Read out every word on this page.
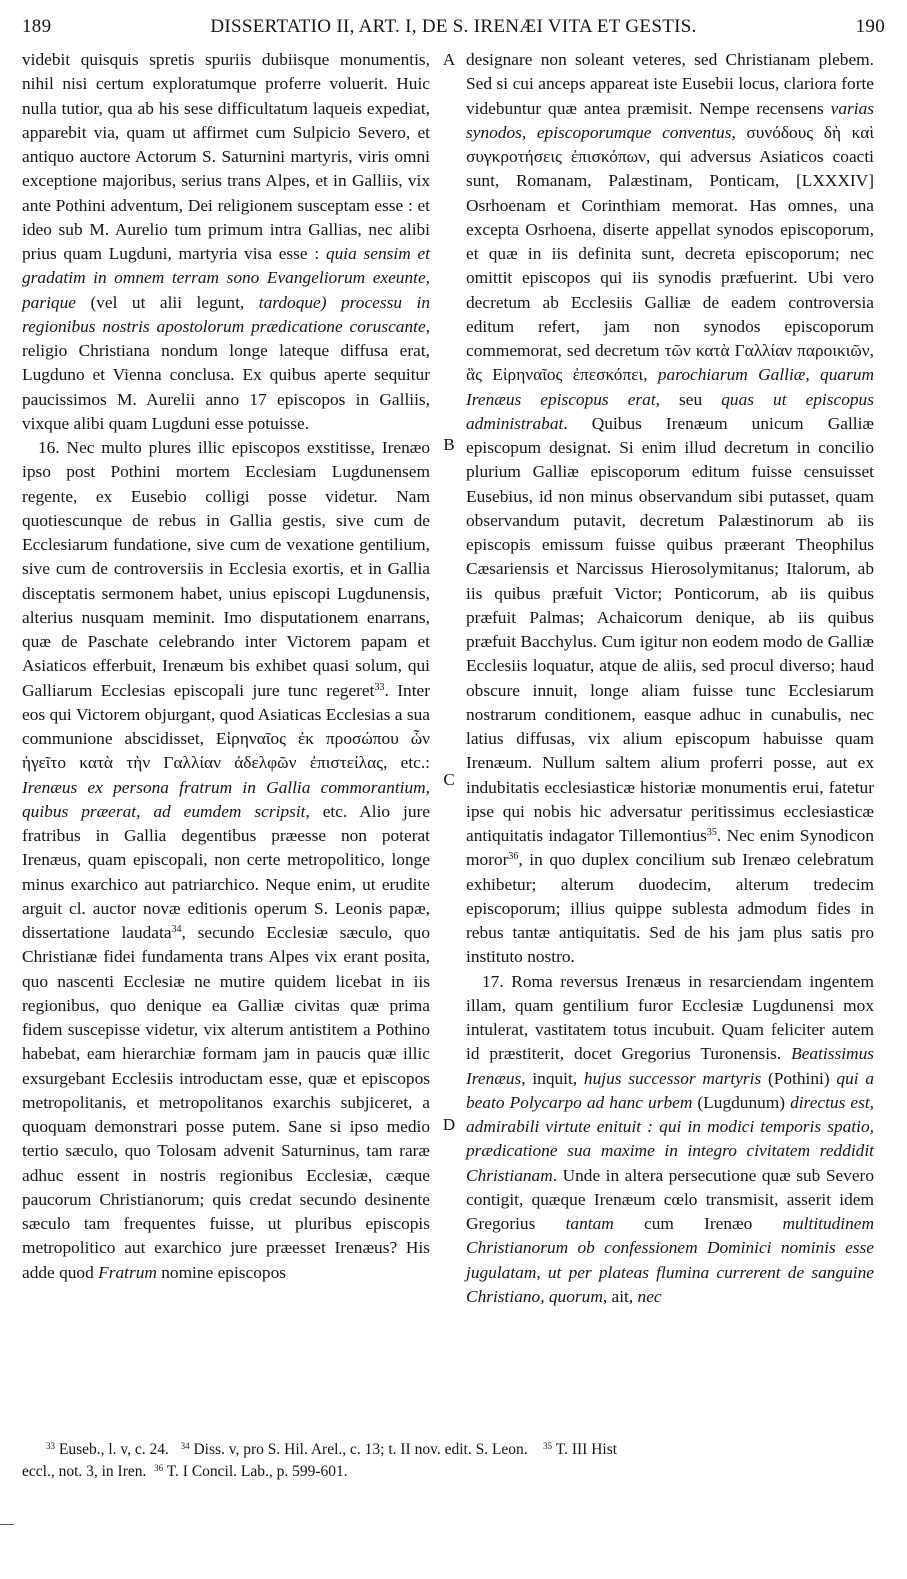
189	DISSERTATIO II, ART. I, DE S. IRENÆI VITA ET GESTIS.	190

videbit quisquis spretis spuriis dubiisque monumentis, nihil nisi certum exploratumque proferre voluerit. Huic nulla tutior, qua ab his sese difficultatum laqueis expediat, apparebit via, quam ut affirmet cum Sulpicio Severo, et antiquo auctore Actorum S. Saturnini martyris, viris omni exceptione majoribus, serius trans Alpes, et in Galliis, vix ante Pothini adventum, Dei religionem susceptam esse : et ideo sub M. Aurelio tum primum intra Gallias, nec alibi prius quam Lugduni, martyria visa esse : quia sensim et gradatim in omnem terram sono Evangeliorum exeunte, parique (vel ut alii legunt, tardoque) processu in regionibus nostris apostolorum prædicatione coruscante, religio Christiana nondum longe lateque diffusa erat, Lugduno et Vienna conclusa. Ex quibus aperte sequitur paucissimos M. Aurelii anno 17 episcopos in Galliis, vixque alibi quam Lugduni esse potuisse.

16. Nec multo plures illic episcopos exstitisse, Irenæo ipso post Pothini mortem Ecclesiam Lugdunensem regente, ex Eusebio colligi posse videtur. Nam quotiescunque de rebus in Gallia gestis, sive cum de Ecclesiarum fundatione, sive cum de vexatione gentilium, sive cum de controversiis in Ecclesia exortis, et in Gallia disceptatis sermonem habet, unius episcopi Lugdunensis, alterius nusquam meminit. Imo disputationem enarrans, quæ de Paschate celebrando inter Victorem papam et Asiaticos efferbuit, Irenæum bis exhibet quasi solum, qui Galliarum Ecclesias episcopali jure tunc regeret$^{33}$. Inter eos qui Victorem objurgant, quod Asiaticas Ecclesias a sua communione abscidisset, Εἰρηναῖος ἐκ προσώπου ὧν ἡγεῖτο κατὰ τὴν Γαλλίαν ἀδελφῶν ἐπιστείλας, etc.: Irenæus ex persona fratrum in Gallia commorantium, quibus præerat, ad eumdem scripsit, etc. Alio jure fratribus in Gallia degentibus præesse non poterat Irenæus, quam episcopali, non certe metropolitico, longe minus exarchico aut patriarchico. Neque enim, ut erudite arguit cl. auctor novæ editionis operum S. Leonis papæ, dissertatione laudata$^{34}$, secundo Ecclesiæ sæculo, quo Christianæ fidei fundamenta trans Alpes vix erant posita, quo nascenti Ecclesiæ ne mutire quidem licebat in iis regionibus, quo denique ea Galliæ civitas quæ prima fidem suscepisse videtur, vix alterum antistitem a Pothino habebat, eam hierarchiæ formam jam in paucis quæ illic exsurgebant Ecclesiis introductam esse, quæ et episcopos metropolitanis, et metropolitanos exarchis subjiceret, a quoquam demonstrari posse putem. Sane si ipso medio tertio sæculo, quo Tolosam advenit Saturninus, tam raræ adhuc essent in nostris regionibus Ecclesiæ, cæque paucorum Christianorum; quis credat secundo desinente sæculo tam frequentes fuisse, ut pluribus episcopis metropolitico aut exarchico jure præesset Irenæus? His adde quod Fratrum nomine episcopos

A
B
C
D

designare non soleant veteres, sed Christianam plebem. Sed si cui anceps appareat iste Eusebii locus, clariora forte videbuntur quæ antea præmisit. Nempe recensens varias synodos, episcoporumque conventus, συνόδους δὴ καὶ συγκροτήσεις ἐπισκόπων, qui adversus Asiaticos coacti sunt, Romanam, Palæstinam, Ponticam, [LXXXIV] Osrhoenam et Corinthiam memorat. Has omnes, una excepta Osrhoena, diserte appellat synodos episcoporum, et quæ in iis definita sunt, decreta episcoporum; nec omittit episcopos qui iis synodis præfuerint. Ubi vero decretum ab Ecclesiis Galliæ de eadem controversia editum refert, jam non synodos episcoporum commemorat, sed decretum τῶν κατὰ Γαλλίαν παροικιῶν, ἃς Εἰρηναῖος ἐπεσκόπει, parochiarum Galliæ, quarum Irenæus episcopus erat, seu quas ut episcopus administrabat. Quibus Irenæum unicum Galliæ episcopum designat. Si enim illud decretum in concilio plurium Galliæ episcoporum editum fuisse censuisset Eusebius, id non minus observandum sibi putasset, quam observandum putavit, decretum Palæstinorum ab iis episcopis emissum fuisse quibus præerant Theophilus Cæsariensis et Narcissus Hierosolymitanus; Italorum, ab iis quibus præfuit Victor; Ponticorum, ab iis quibus præfuit Palmas; Achaicorum denique, ab iis quibus præfuit Bacchylus. Cum igitur non eodem modo de Galliæ Ecclesiis loquatur, atque de aliis, sed procul diverso; haud obscure innuit, longe aliam fuisse tunc Ecclesiarum nostrarum conditionem, easque adhuc in cunabulis, nec latius diffusas, vix alium episcopum habuisse quam Irenæum. Nullum saltem alium proferri posse, aut ex indubitatis ecclesiasticæ historiæ monumentis erui, fatetur ipse qui nobis hic adversatur peritissimus ecclesiasticæ antiquitatis indagator Tillemontius$^{35}$. Nec enim Synodicon moror$^{36}$, in quo duplex concilium sub Irenæo celebratum exhibetur; alterum duodecim, alterum tredecim episcoporum; illius quippe sublesta admodum fides in rebus tantæ antiquitatis. Sed de his jam plus satis pro instituto nostro.

17. Roma reversus Irenæus in resarciendam ingentem illam, quam gentilium furor Ecclesiæ Lugdunensi mox intulerat, vastitatem totus incubuit. Quam feliciter autem id præstiterit, docet Gregorius Turonensis. Beatissimus Irenæus, inquit, hujus successor martyris (Pothini) qui a beato Polycarpo ad hanc urbem (Lugdunum) directus est, admirabili virtute enituit : qui in modici temporis spatio, prædicatione sua maxime in integro civitatem reddidit Christianam. Unde in altera persecutione quæ sub Severo contigit, quæque Irenæum cœlo transmisit, asserit idem Gregorius tantam cum Irenæo multitudinem Christianorum ob confessionem Dominici nominis esse jugulatam, ut per plateas flumina currerent de sanguine Christiano, quorum, ait, nec

$^{33}$ Euseb., l. v, c. 24. $^{34}$ Diss. v, pro S. Hil. Arel., c. 13; t. II nov. edit. S. Leon. $^{35}$ T. III Hist
eccl., not. 3, in Iren. $^{36}$ T. I Concil. Lab., p. 599-601.
